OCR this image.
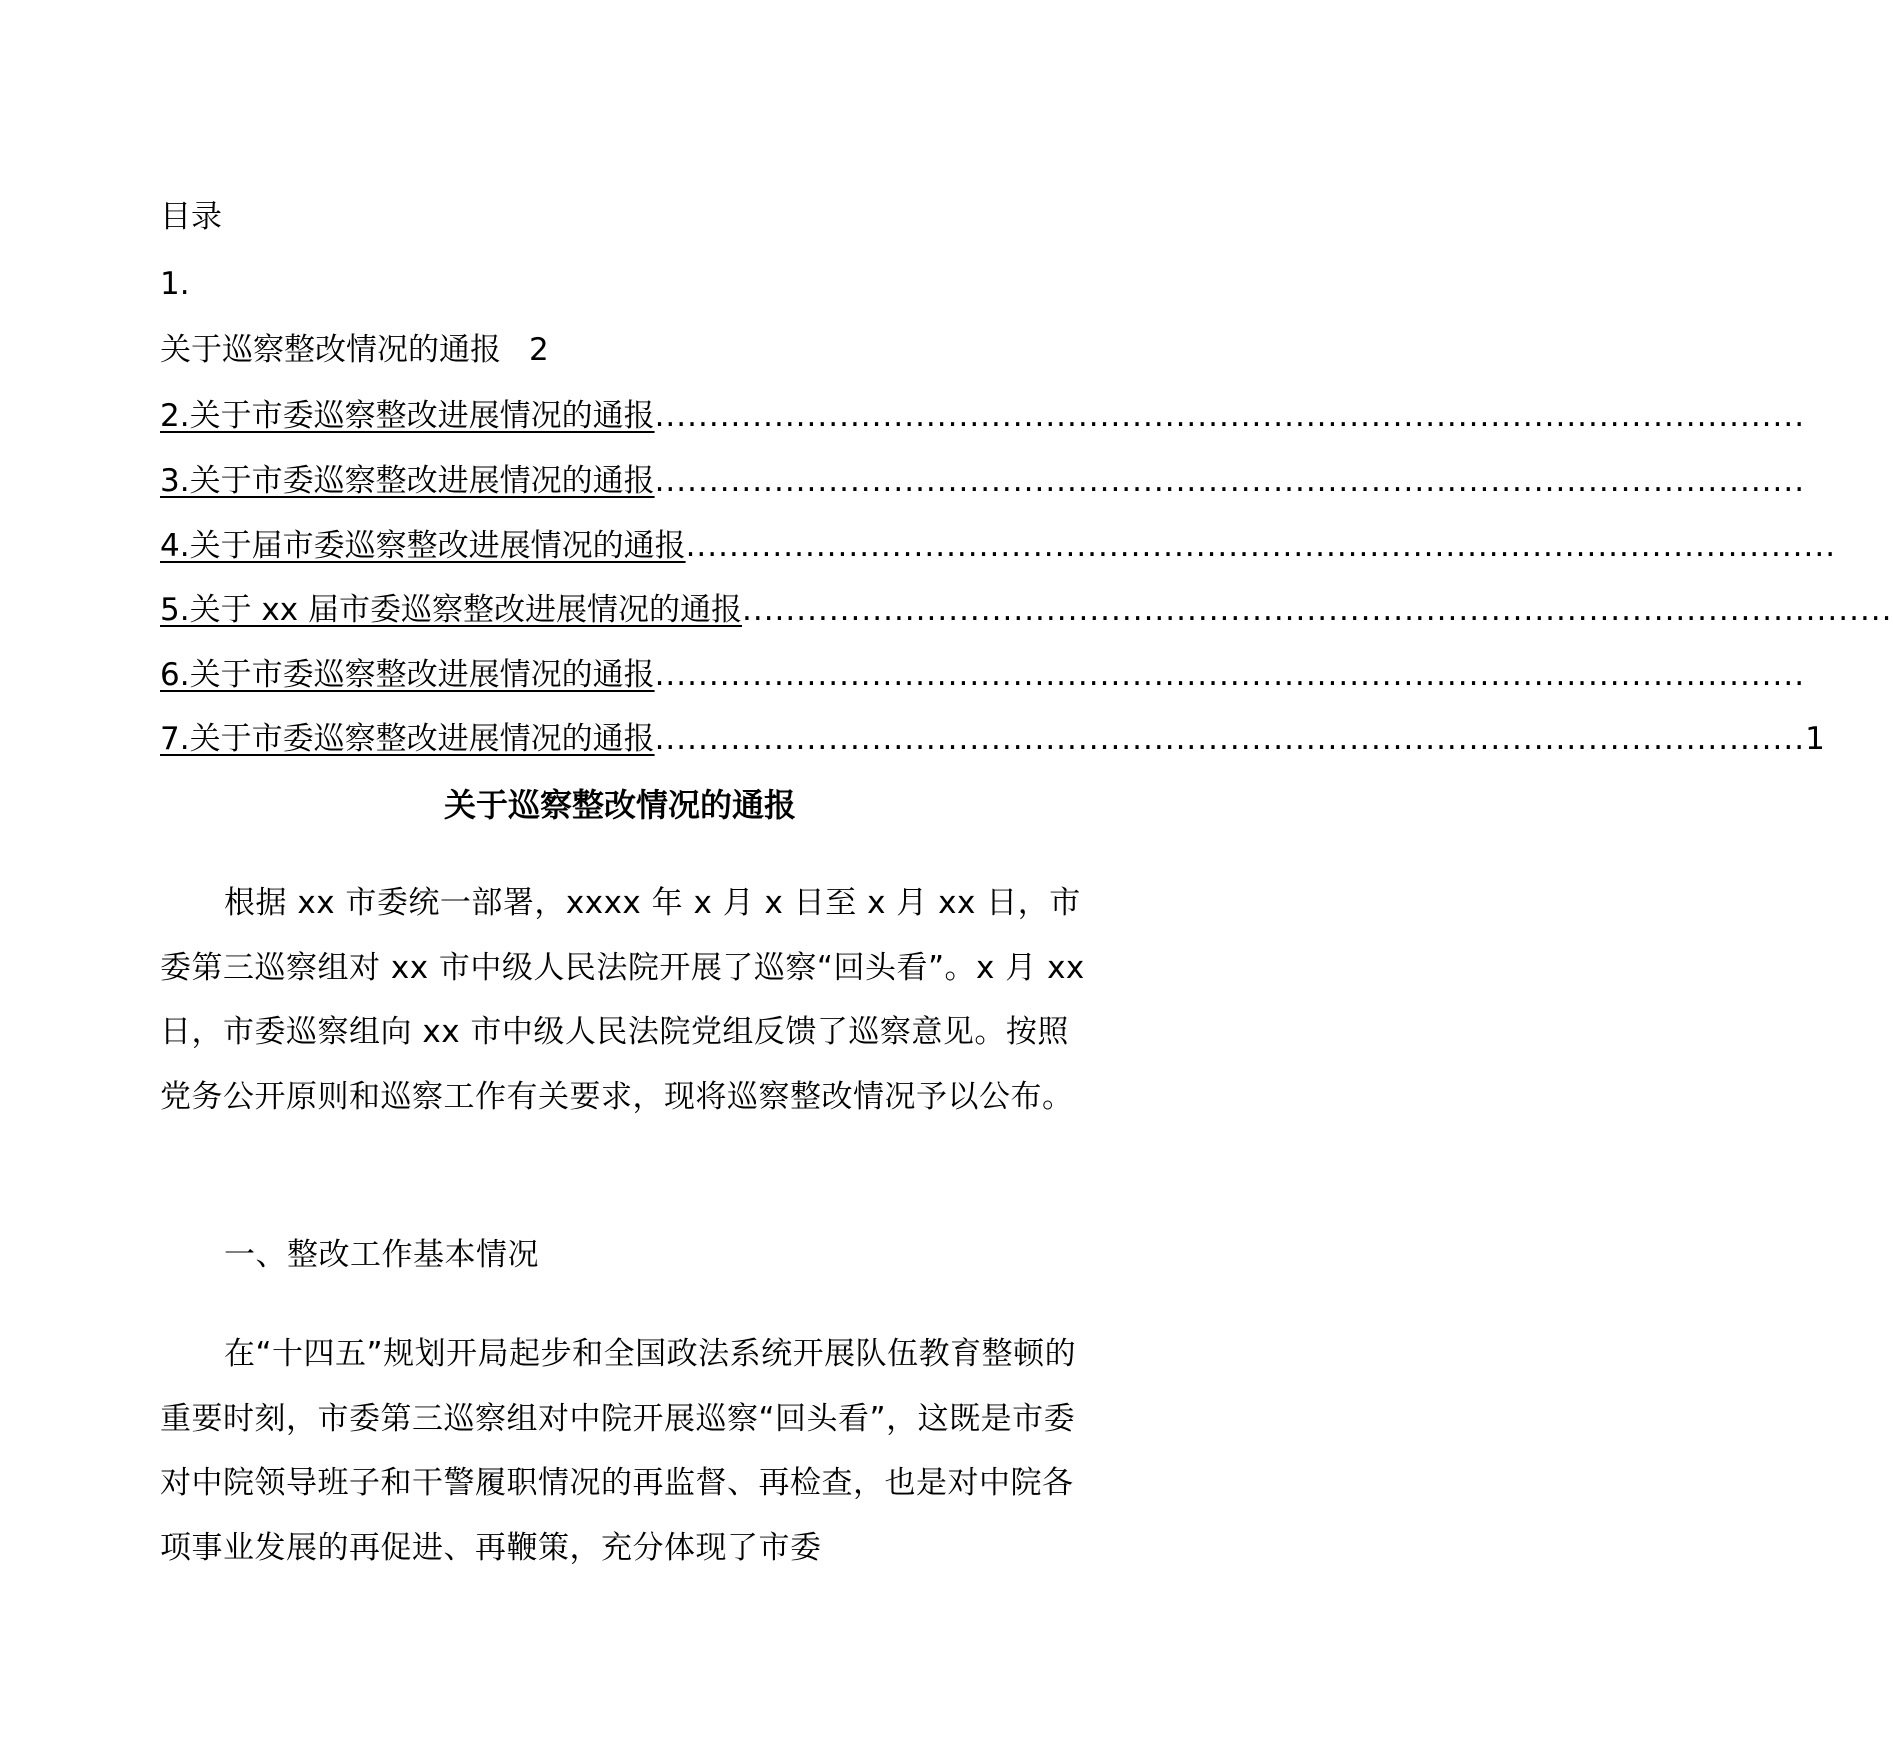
目录
1.
关于巡察整改情况的通报 2
2.关于市委巡察整改进展情况的通报 ..........................................................................................................
3.关于市委巡察整改进展情况的通报 ..........................................................................................................
4.关于届市委巡察整改进展情况的通报 ..........................................................................................................
5.关于 xx 届市委巡察整改进展情况的通报 ..........................................................................................................
6.关于市委巡察整改进展情况的通报 ..........................................................................................................
7.关于市委巡察整改进展情况的通报 .......................................................................................................... 1
关于巡察整改情况的通报
根据 xx 市委统一部署，xxxx 年 x 月 x 日至 x 月 xx 日，市委第三巡察组对 xx 市中级人民法院开展了巡察“回头看”。x 月 xx 日，市委巡察组向 xx 市中级人民法院党组反馈了巡察意见。按照党务公开原则和巡察工作有关要求，现将巡察整改情况予以公布。
一、整改工作基本情况
在“十四五”规划开局起步和全国政法系统开展队伍教育整顿的重要时刻，市委第三巡察组对中院开展巡察“回头看”，这既是市委对中院领导班子和干警履职情况的再监督、再检查，也是对中院各项事业发展的再促进、再鞭策，充分体现了市委
